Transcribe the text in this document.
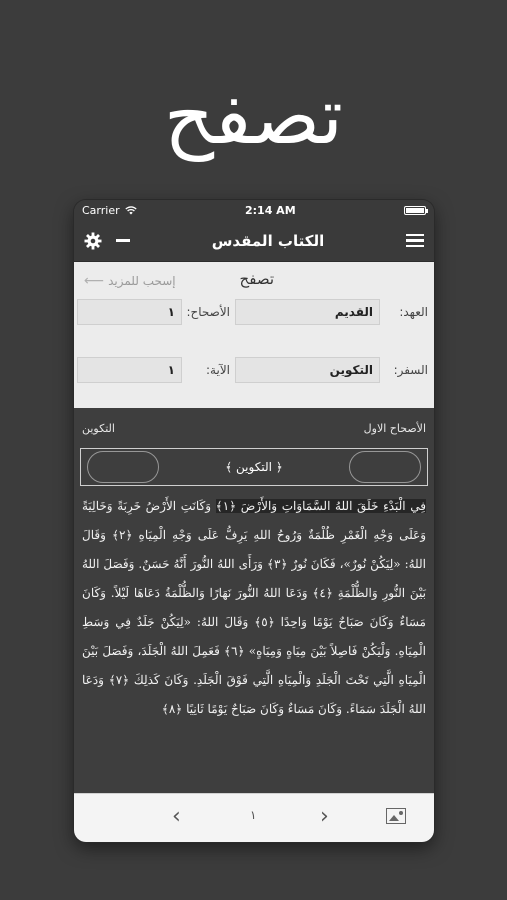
تصفح
Carrier	2:14 AM
الكتاب المقدس
تصفح
إسحب للمزيد
⟵
العهد:
القديم
الأصحاح:
١
السفر:
التكوين
الآية:
١
الأصحاح الاول
التكوين
﴿ التكوين ﴾
فِي الْبَدْءِ خَلَقَ اللهُ السَّمَاوَاتِ وَالأَرْضَ ﴿١﴾ وَكَانَتِ الأَرْضُ خَرِبَةً وَخَالِيَةً وَعَلَى وَجْهِ الْغَمْرِ ظُلْمَةٌ وَرُوحُ اللهِ يَرِفُّ عَلَى وَجْهِ الْمِيَاهِ ﴿٢﴾ وَقَالَ اللهُ: «لِيَكُنْ نُورٌ»، فَكَانَ نُورٌ ﴿٣﴾ وَرَأَى اللهُ النُّورَ أَنَّهُ حَسَنٌ. وَفَصَلَ اللهُ بَيْنَ النُّورِ وَالظُّلْمَةِ ﴿٤﴾ وَدَعَا اللهُ النُّورَ نَهَارًا وَالظُّلْمَةُ دَعَاهَا لَيْلاً. وَكَانَ مَسَاءٌ وَكَانَ صَبَاحٌ يَوْمًا وَاحِدًا ﴿٥﴾ وَقَالَ اللهُ: «لِيَكُنْ جَلَدٌ فِي وَسَطِ الْمِيَاهِ. وَلْيَكُنْ فَاصِلاً بَيْنَ مِيَاهٍ وَمِيَاهٍ» ﴿٦﴾ فَعَمِلَ اللهُ الْجَلَدَ، وَفَصَلَ بَيْنَ الْمِيَاهِ الَّتِي تَحْتَ الْجَلَدِ وَالْمِيَاهِ الَّتِي فَوْقَ الْجَلَدِ. وَكَانَ كَذلِكَ ﴿٧﴾ وَدَعَا اللهُ الْجَلَدَ سَمَاءً. وَكَانَ مَسَاءٌ وَكَانَ صَبَاحٌ يَوْمًا ثَانِيًا ﴿٨﴾
‹	١	›
